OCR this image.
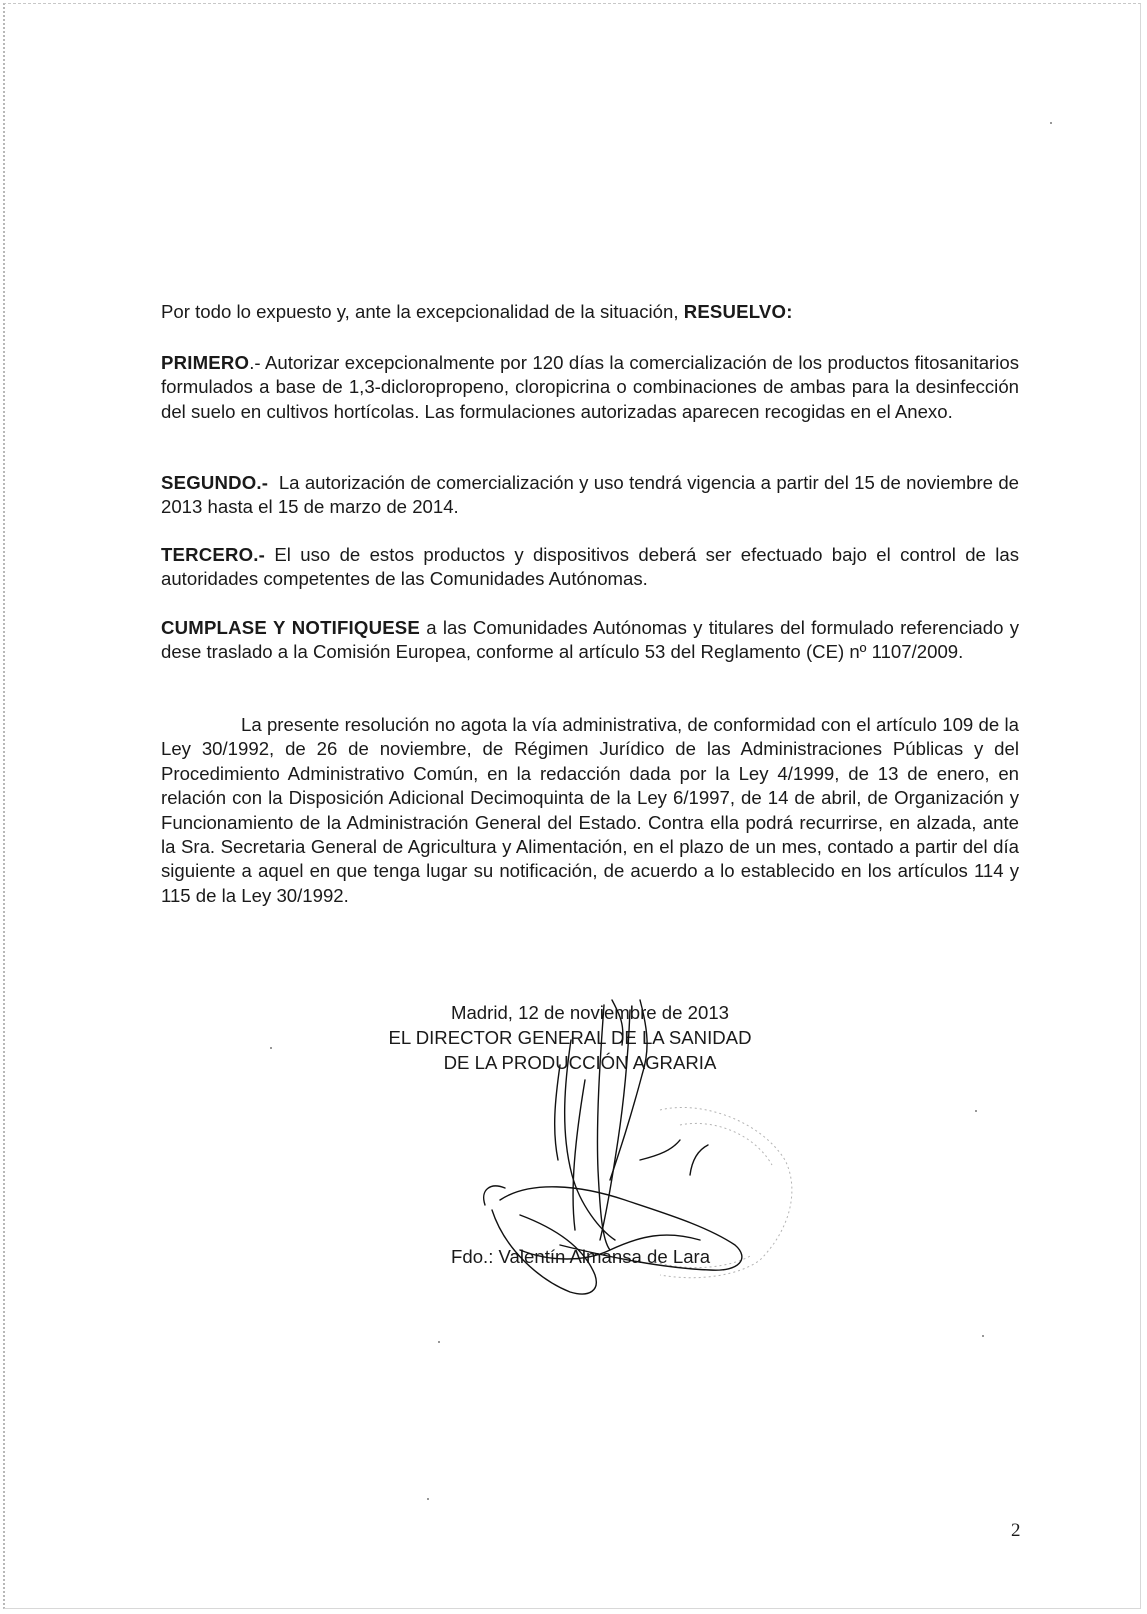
Por todo lo expuesto y, ante la excepcionalidad de la situación, RESUELVO:

PRIMERO.- Autorizar excepcionalmente por 120 días la comercialización de los productos fitosanitarios formulados a base de 1,3-dicloropropeno, cloropicrina o combinaciones de ambas para la desinfección del suelo en cultivos hortícolas. Las formulaciones autorizadas aparecen recogidas en el Anexo.

SEGUNDO.-  La autorización de comercialización y uso tendrá vigencia a partir del 15 de noviembre de 2013 hasta el 15 de marzo de 2014.

TERCERO.- El uso de estos productos y dispositivos deberá ser efectuado bajo el control de las autoridades competentes de las Comunidades Autónomas.

CUMPLASE Y NOTIFIQUESE a las Comunidades Autónomas y titulares del formulado referenciado y dese traslado a la Comisión Europea, conforme al artículo 53 del Reglamento (CE) nº 1107/2009.

La presente resolución no agota la vía administrativa, de conformidad con el artículo 109 de la Ley 30/1992, de 26 de noviembre, de Régimen Jurídico de las Administraciones Públicas y del Procedimiento Administrativo Común, en la redacción dada por la Ley 4/1999, de 13 de enero, en relación con la Disposición Adicional Decimoquinta de la Ley 6/1997, de 14 de abril, de Organización y Funcionamiento de la Administración General del Estado. Contra ella podrá recurrirse, en alzada, ante la Sra. Secretaria General de Agricultura y Alimentación, en el plazo de un mes, contado a partir del día siguiente a aquel en que tenga lugar su notificación, de acuerdo a lo establecido en los artículos 114 y 115 de la Ley 30/1992.

Madrid, 12 de noviembre de 2013
EL DIRECTOR GENERAL DE LA SANIDAD
DE LA PRODUCCIÓN AGRARIA
Fdo.: Valentín Almansa de Lara
2
